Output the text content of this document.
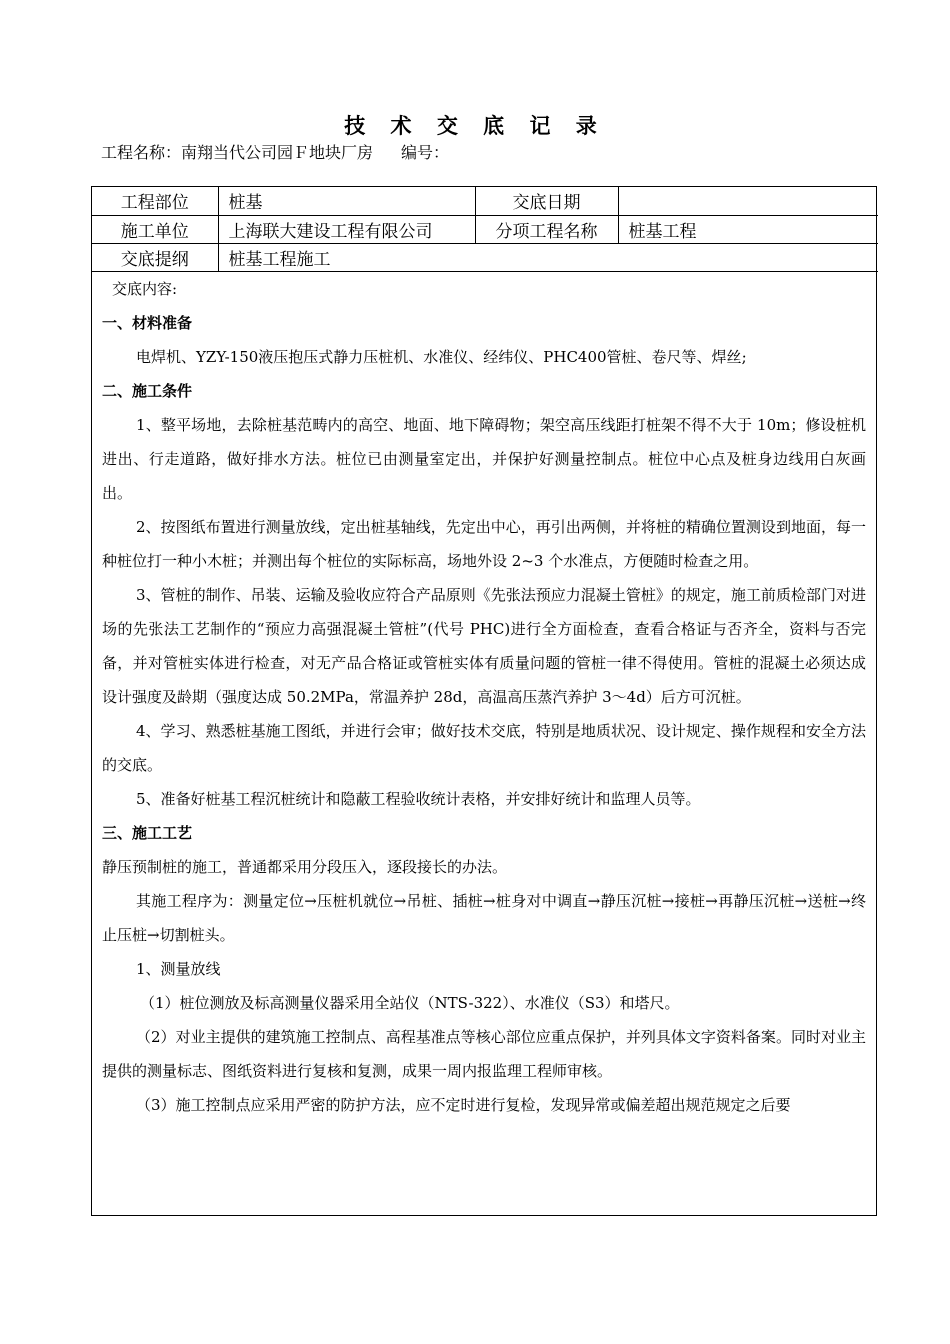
技 术 交 底 记 录
工程名称：南翔当代公司园Ｆ地块厂房 编号：
工程部位	桩基	交底日期	
施工单位	上海联大建设工程有限公司	分项工程名称	桩基工程
交底提纲	桩基工程施工		

交底内容:

一、材料准备

电焊机、YZY-150液压抱压式静力压桩机、水准仪、经纬仪、PHC400管桩、卷尺等、焊丝;

二、施工条件

1、整平场地，去除桩基范畴内的高空、地面、地下障碍物；架空高压线距打桩架不得不大于 10m；修设桩机进出、行走道路，做好排水方法。桩位已由测量室定出，并保护好测量控制点。桩位中心点及桩身边线用白灰画出。

2、按图纸布置进行测量放线，定出桩基轴线，先定出中心，再引出两侧，并将桩的精确位置测设到地面，每一种桩位打一种小木桩；并测出每个桩位的实际标高，场地外设 2~3 个水准点，方便随时检查之用。

3、管桩的制作、吊装、运输及验收应符合产品原则《先张法预应力混凝土管桩》的规定，施工前质检部门对进场的先张法工艺制作的“预应力高强混凝土管桩”(代号 PHC)进行全方面检查，查看合格证与否齐全，资料与否完备，并对管桩实体进行检查，对无产品合格证或管桩实体有质量问题的管桩一律不得使用。管桩的混凝土必须达成设计强度及龄期（强度达成 50.2MPa，常温养护 28d，高温高压蒸汽养护 3～4d）后方可沉桩。

4、学习、熟悉桩基施工图纸，并进行会审；做好技术交底，特别是地质状况、设计规定、操作规程和安全方法的交底。

5、准备好桩基工程沉桩统计和隐蔽工程验收统计表格，并安排好统计和监理人员等。

三、施工工艺

静压预制桩的施工，普通都采用分段压入，逐段接长的办法。

其施工程序为：测量定位→压桩机就位→吊桩、插桩→桩身对中调直→静压沉桩→接桩→再静压沉桩→送桩→终止压桩→切割桩头。

1、测量放线

（1）桩位测放及标高测量仪器采用全站仪（NTS-322）、水准仪（S3）和塔尺。

（2）对业主提供的建筑施工控制点、高程基准点等核心部位应重点保护，并列具体文字资料备案。同时对业主提供的测量标志、图纸资料进行复核和复测，成果一周内报监理工程师审核。

（3）施工控制点应采用严密的防护方法，应不定时进行复检，发现异常或偏差超出规范规定之后要
